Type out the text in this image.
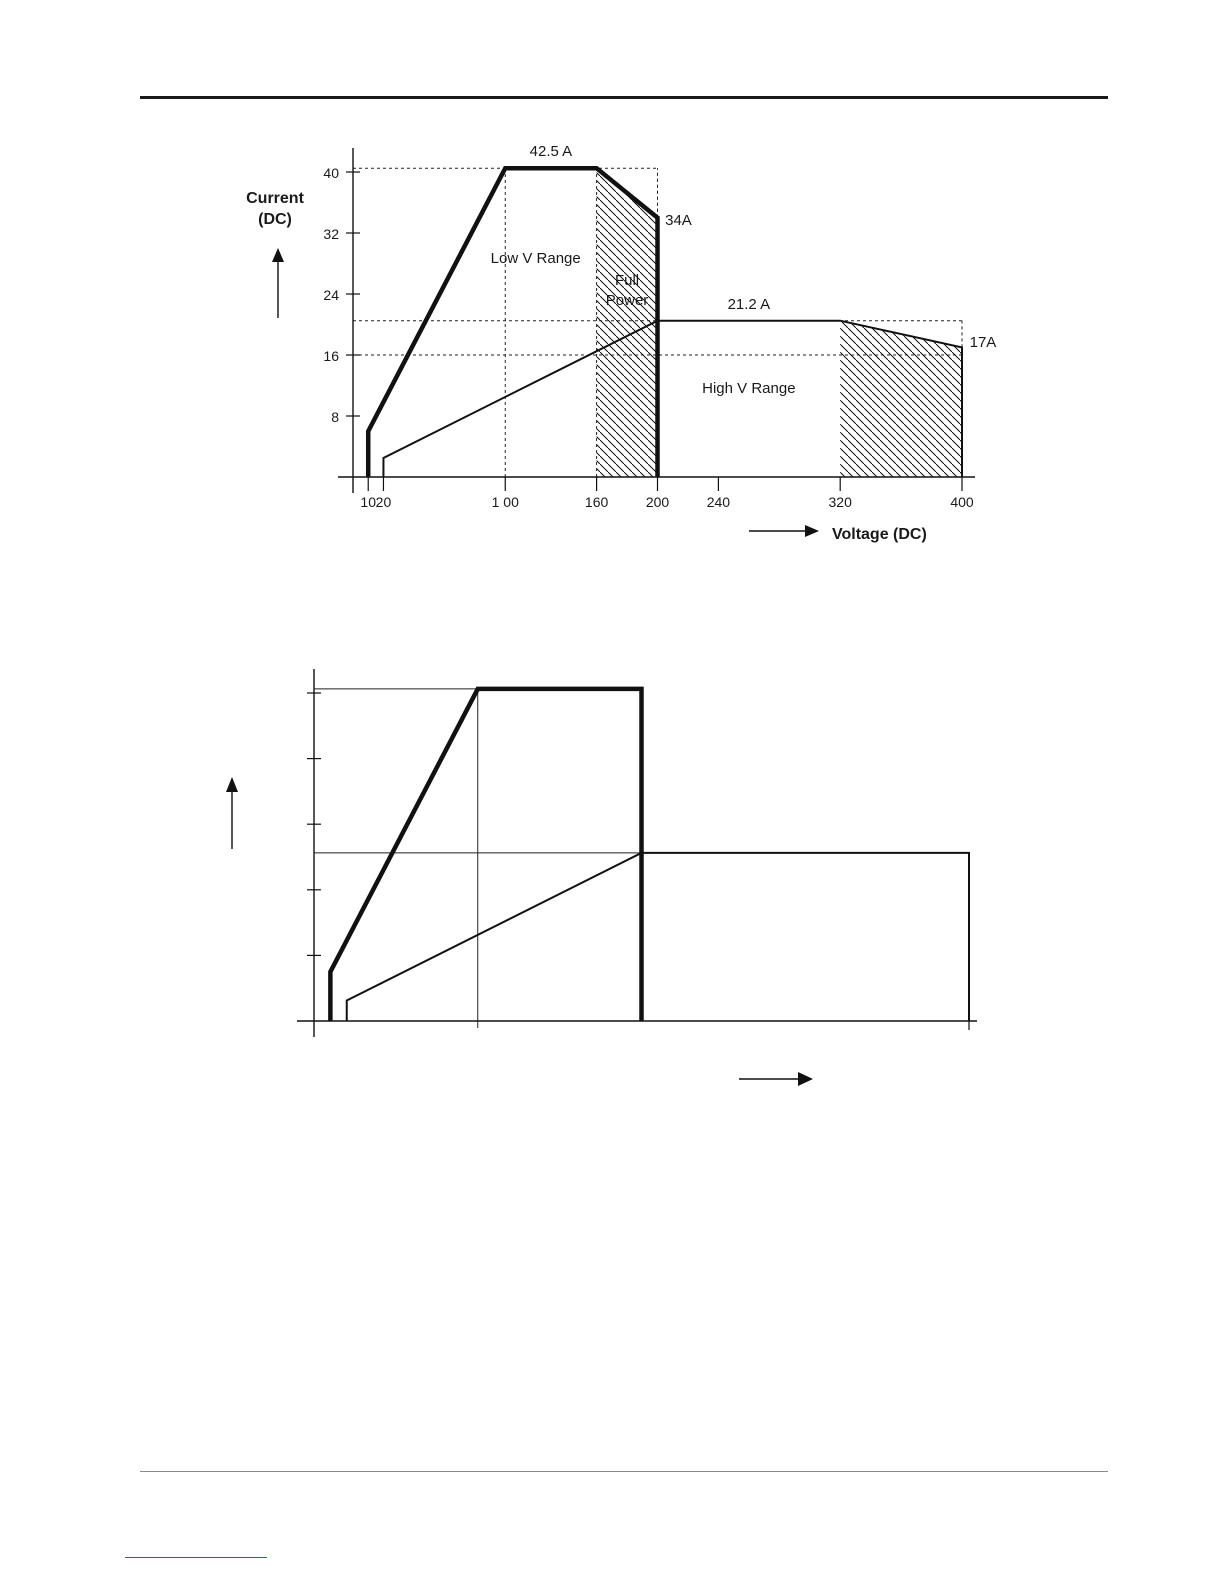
8
16
24
32
40
10 20	1 00	160	200	240	320	400
42.5 A
34A
21.2 A
17A
Low V Range
Full
Power
High V Range
Current
(DC)
Voltage (DC)
